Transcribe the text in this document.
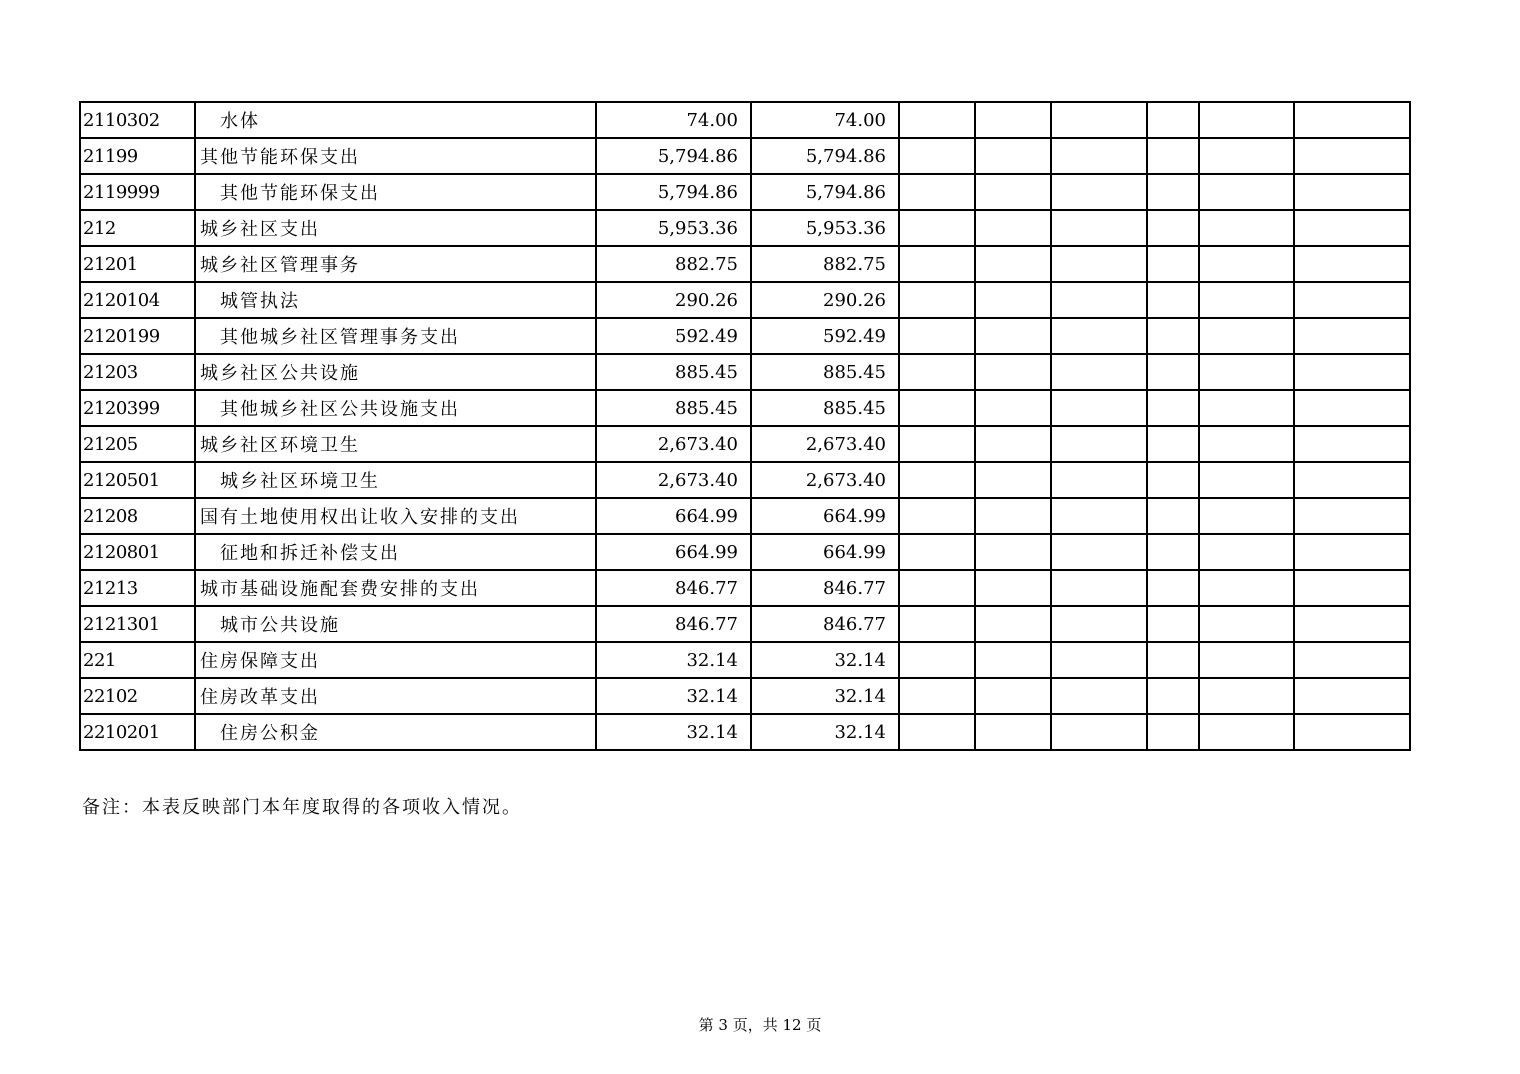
2110302	水体	74.00	74.00						
21199	其他节能环保支出	5,794.86	5,794.86						
2119999	其他节能环保支出	5,794.86	5,794.86						
212	城乡社区支出	5,953.36	5,953.36						
21201	城乡社区管理事务	882.75	882.75						
2120104	城管执法	290.26	290.26						
2120199	其他城乡社区管理事务支出	592.49	592.49						
21203	城乡社区公共设施	885.45	885.45						
2120399	其他城乡社区公共设施支出	885.45	885.45						
21205	城乡社区环境卫生	2,673.40	2,673.40						
2120501	城乡社区环境卫生	2,673.40	2,673.40						
21208	国有土地使用权出让收入安排的支出	664.99	664.99						
2120801	征地和拆迁补偿支出	664.99	664.99						
21213	城市基础设施配套费安排的支出	846.77	846.77						
2121301	城市公共设施	846.77	846.77						
221	住房保障支出	32.14	32.14						
22102	住房改革支出	32.14	32.14						
2210201	住房公积金	32.14	32.14						
备注：本表反映部门本年度取得的各项收入情况。
第 3 页，共 12 页
